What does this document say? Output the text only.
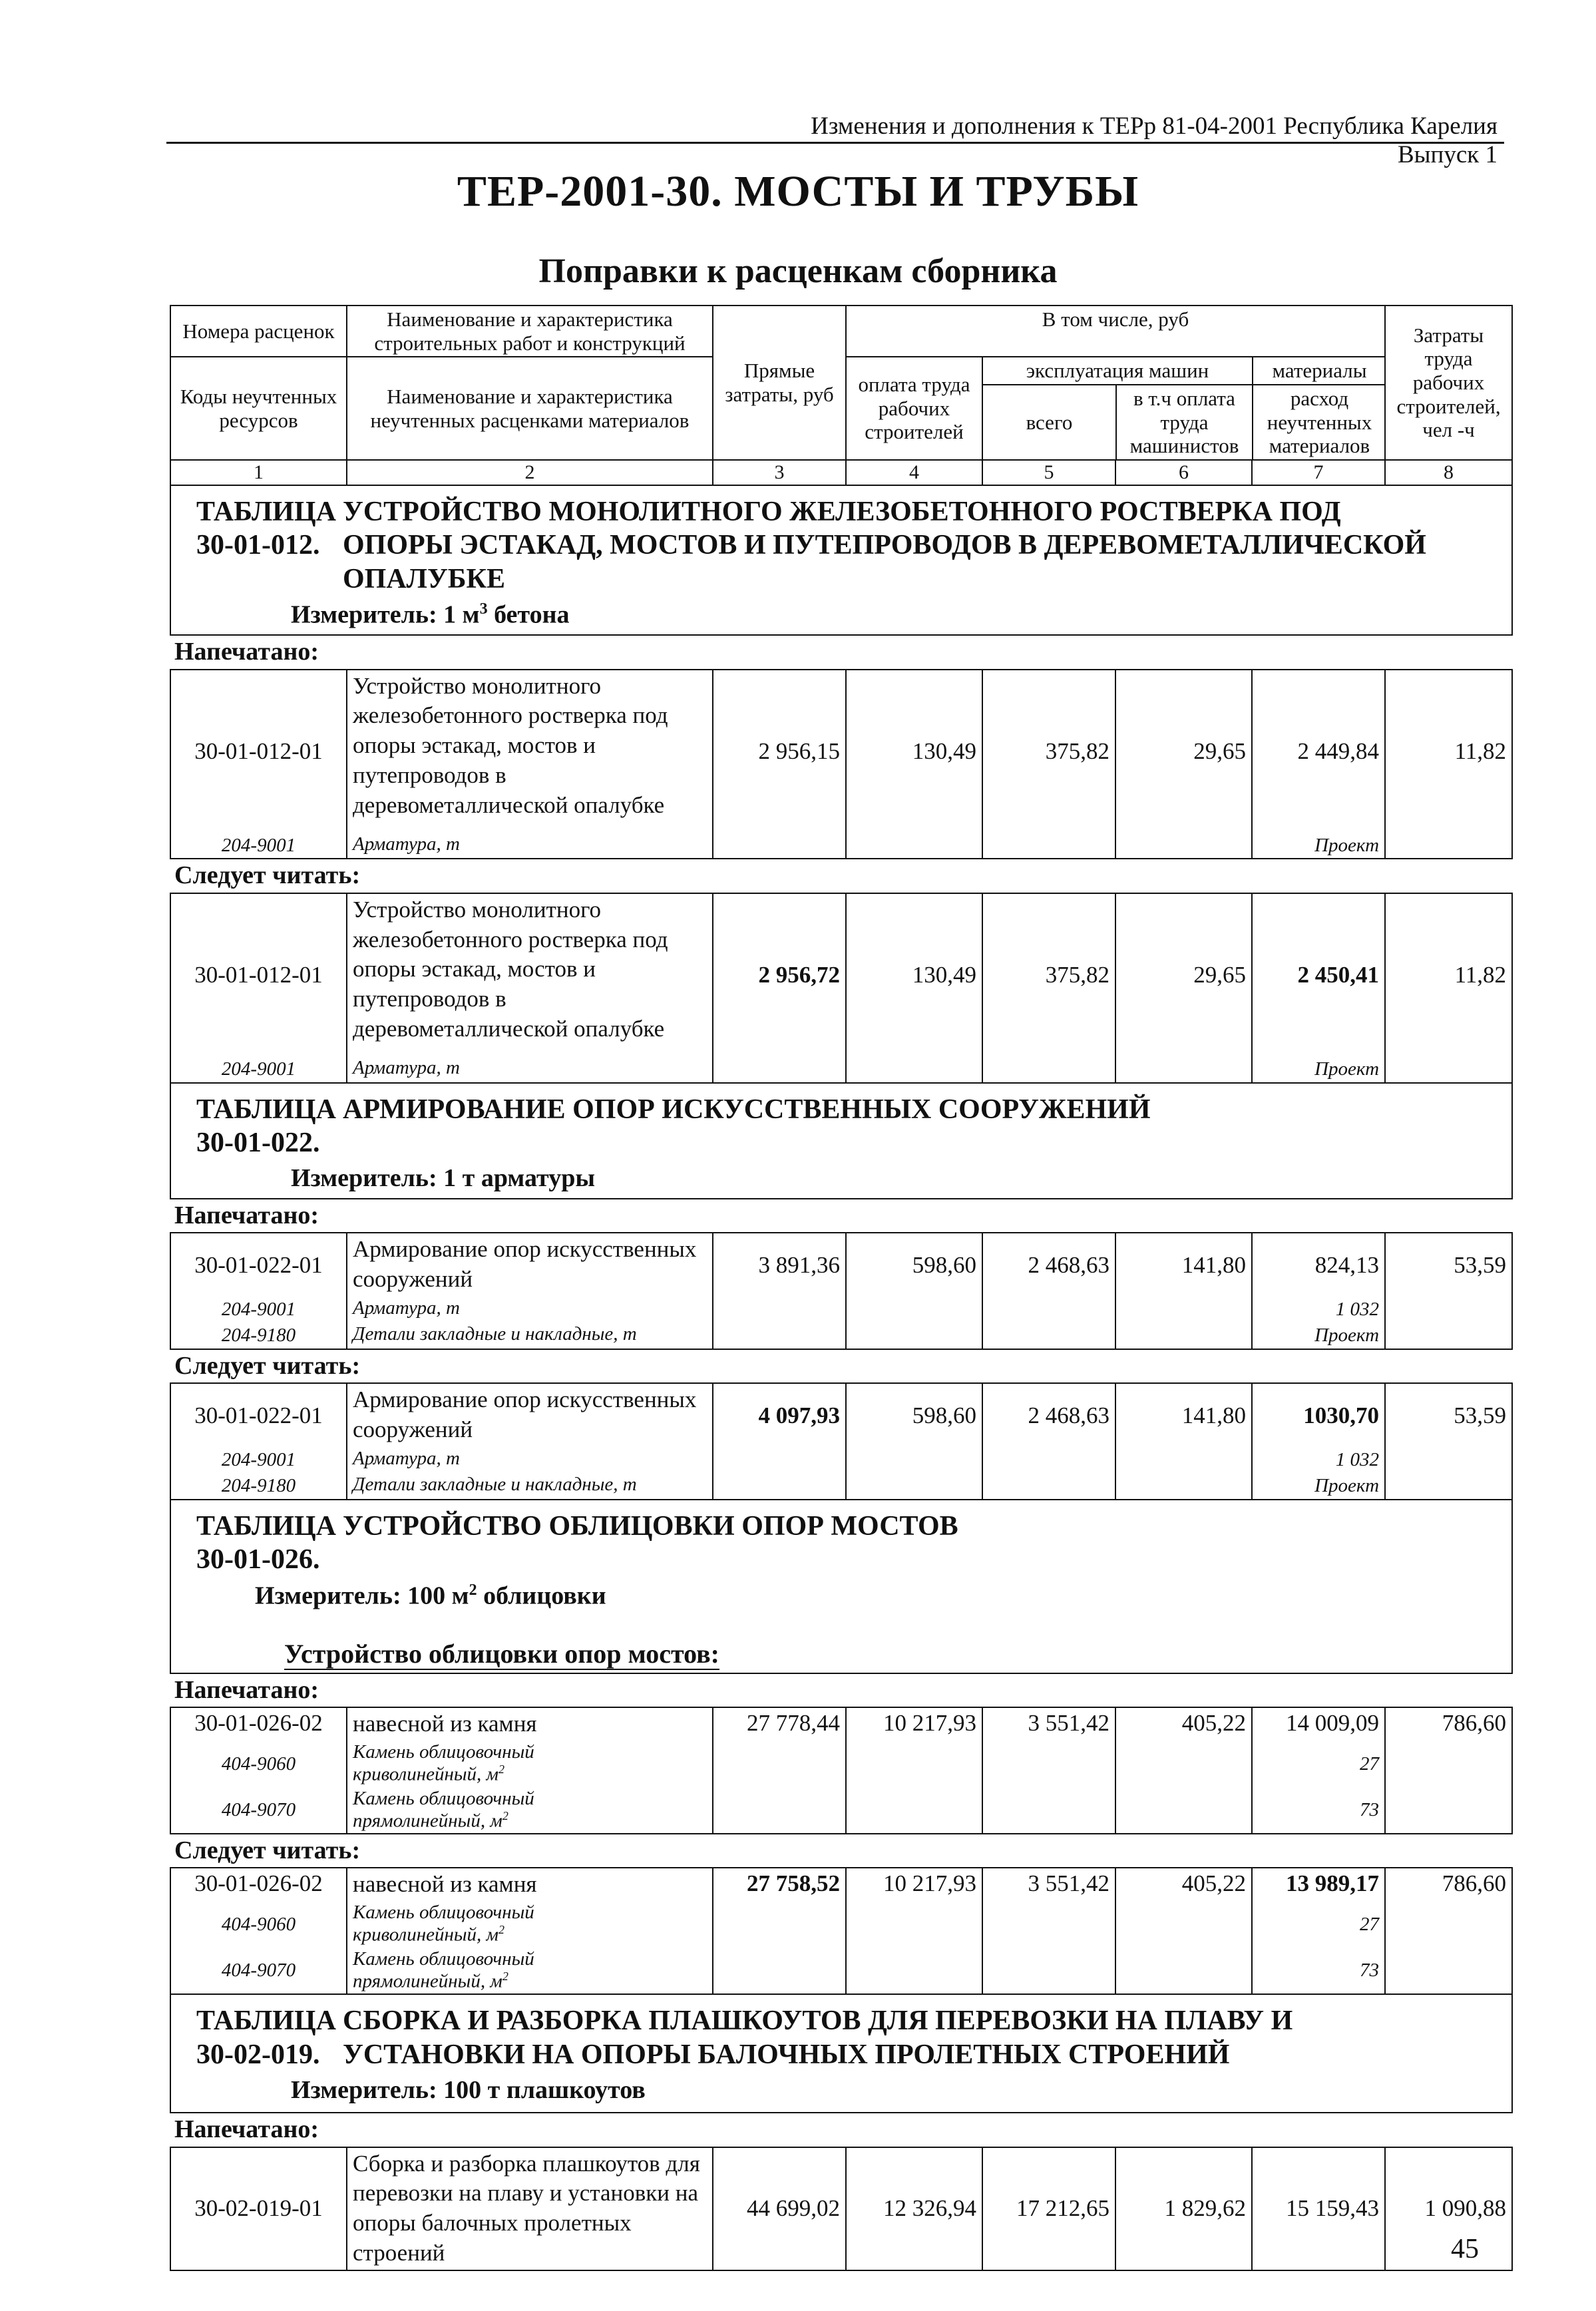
Изменения и дополнения к ТЕРр 81-04-2001 Республика Карелия Выпуск 1
ТЕР-2001-30. МОСТЫ И ТРУБЫ
Поправки к расценкам сборника
Номера расценок	Наименование и характеристика строительных работ и конструкций	Прямые затраты, руб	В том числе, руб	Затраты труда рабочих строителей, чел -ч
Коды неучтенных ресурсов	Наименование и характеристика неучтенных расценками материалов	оплата труда рабочих строителей	
эксплуатация машин	материалы
всего	в т.ч оплата труда машинистов	расход неучтенных материалов

1	2	3	4	5	6	7	8
ТАБЛИЦА 30-01-012.УСТРОЙСТВО МОНОЛИТНОГО ЖЕЛЕЗОБЕТОННОГО РОСТВЕРКА ПОД ОПОРЫ ЭСТАКАД, МОСТОВ И ПУТЕПРОВОДОВ В ДЕРЕВОМЕТАЛЛИЧЕСКОЙ ОПАЛУБКЕ
Измеритель: 1 $м^3$ бетона

Напечатано:
30-01-012-01	Устройство монолитного железобетонного ростверка под опоры эстакад, мостов и путепроводов в деревометаллической опалубке	2 956,15	130,49	375,82	29,65	2 449,84	11,82
204-9001	Арматура, т					Проект	
Следует читать:
30-01-012-01	Устройство монолитного железобетонного ростверка под опоры эстакад, мостов и путепроводов в деревометаллической опалубке	2 956,72	130,49	375,82	29,65	2 450,41	11,82
204-9001	Арматура, т					Проект	
ТАБЛИЦА 30-01-022.АРМИРОВАНИЕ ОПОР ИСКУССТВЕННЫХ СООРУЖЕНИЙ
Измеритель: 1 т арматуры

Напечатано:
30-01-022-01	Армирование опор искусственных сооружений	3 891,36	598,60	2 468,63	141,80	824,13	53,59
204-9001	Арматура, т					1 032	
204-9180	Детали закладные и накладные, т					Проект	
Следует читать:
30-01-022-01	Армирование опор искусственных сооружений	4 097,93	598,60	2 468,63	141,80	1030,70	53,59
204-9001	Арматура, т					1 032	
204-9180	Детали закладные и накладные, т					Проект	
ТАБЛИЦА 30-01-026.УСТРОЙСТВО ОБЛИЦОВКИ ОПОР МОСТОВ
Измеритель: 100 $м^2$ облицовки

Устройство облицовки опор мостов:
Напечатано:
30-01-026-02	навесной из камня	27 778,44	10 217,93	3 551,42	405,22	14 009,09	786,60
404-9060	Камень облицовочный
криволинейный, $м^2$					27	
404-9070	Камень облицовочный
прямолинейный, $м^2$					73	
Следует читать:
30-01-026-02	навесной из камня	27 758,52	10 217,93	3 551,42	405,22	13 989,17	786,60
404-9060	Камень облицовочный
криволинейный, $м^2$					27	
404-9070	Камень облицовочный
прямолинейный, $м^2$					73	
ТАБЛИЦА 30-02-019.СБОРКА И РАЗБОРКА ПЛАШКОУТОВ ДЛЯ ПЕРЕВОЗКИ НА ПЛАВУ И УСТАНОВКИ НА ОПОРЫ БАЛОЧНЫХ ПРОЛЕТНЫХ СТРОЕНИЙ
Измеритель: 100 т плашкоутов

Напечатано:
30-02-019-01	Сборка и разборка плашкоутов для перевозки на плаву и установки на опоры балочных пролетных строений	44 699,02	12 326,94	17 212,65	1 829,62	15 159,43	1 090,88
45
